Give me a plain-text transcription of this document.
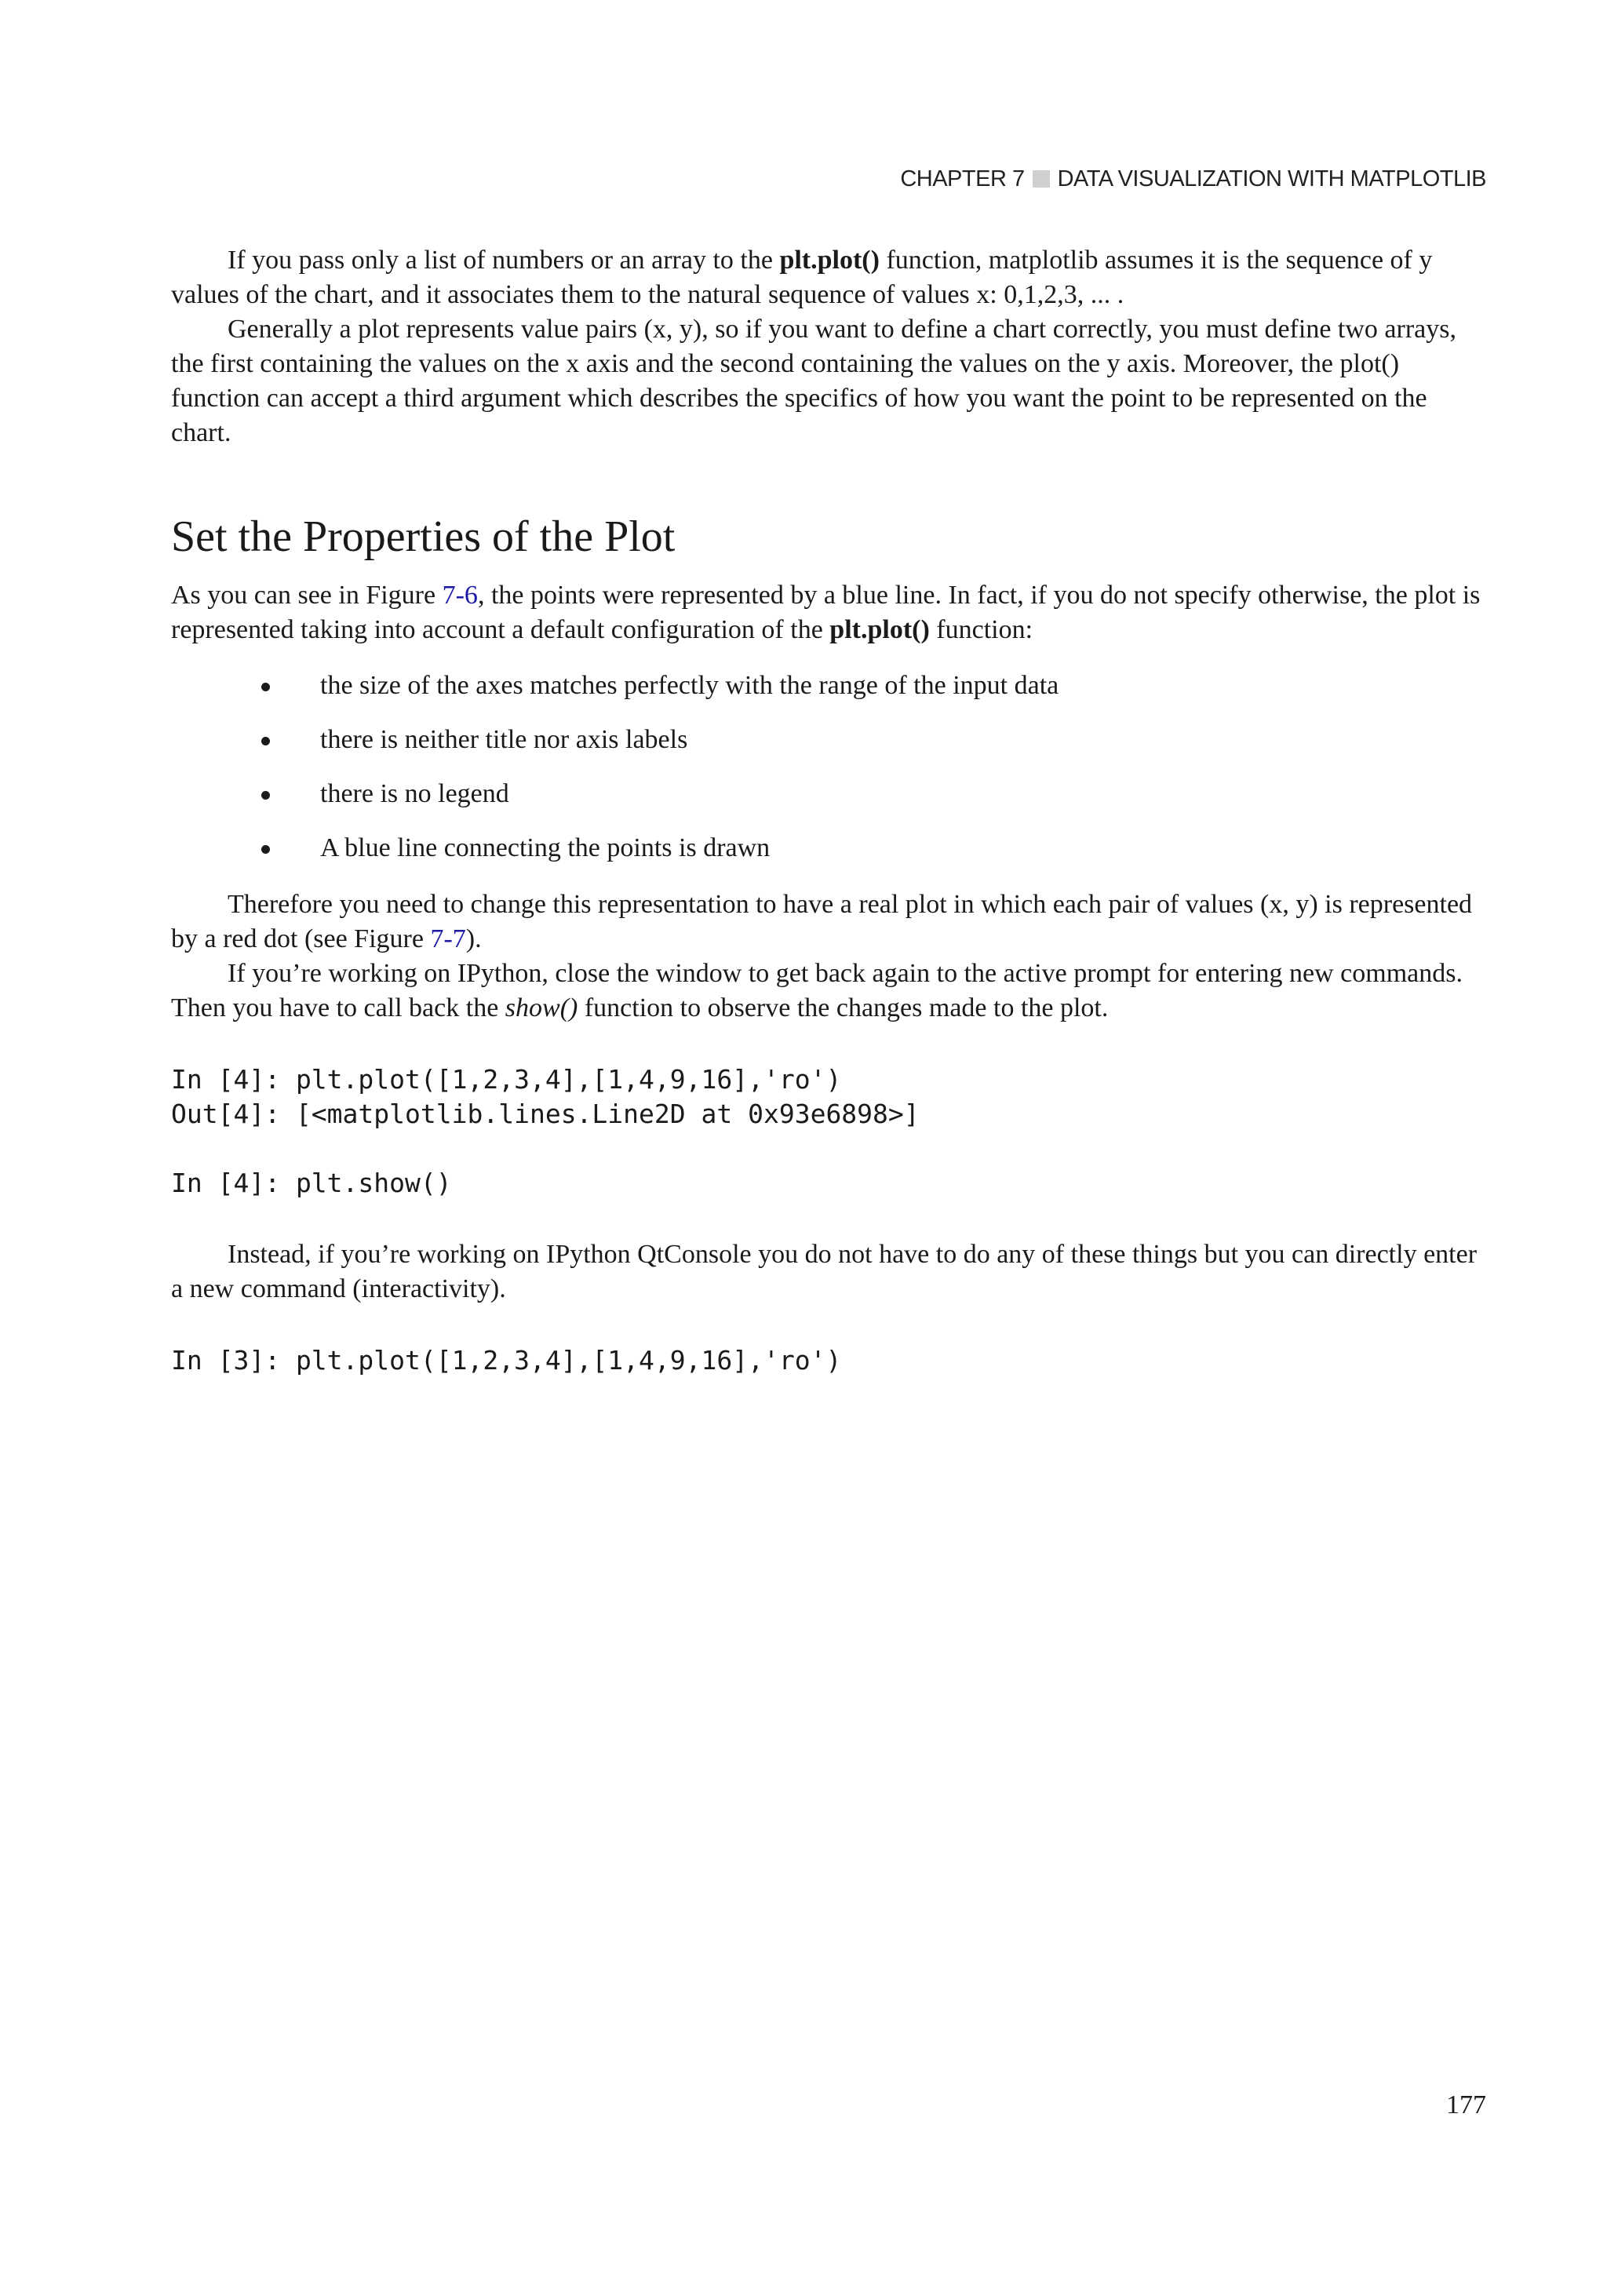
CHAPTER 7 DATA VISUALIZATION WITH MATPLOTLIB

If you pass only a list of numbers or an array to the plt.plot() function, matplotlib assumes it is the sequence of y values of the chart, and it associates them to the natural sequence of values x: 0,1,2,3, ... .

Generally a plot represents value pairs (x, y), so if you want to define a chart correctly, you must define two arrays, the first containing the values on the x axis and the second containing the values on the y axis. Moreover, the plot() function can accept a third argument which describes the specifics of how you want the point to be represented on the chart.

Set the Properties of the Plot

As you can see in Figure 7-6, the points were represented by a blue line. In fact, if you do not specify otherwise, the plot is represented taking into account a default configuration of the plt.plot() function:

the size of the axes matches perfectly with the range of the input data
there is neither title nor axis labels
there is no legend
A blue line connecting the points is drawn

Therefore you need to change this representation to have a real plot in which each pair of values (x, y) is represented by a red dot (see Figure 7-7).

If you’re working on IPython, close the window to get back again to the active prompt for entering new commands. Then you have to call back the show() function to observe the changes made to the plot.

In [4]: plt.plot([1,2,3,4],[1,4,9,16],'ro')
Out[4]: [<matplotlib.lines.Line2D at 0x93e6898>]
In [4]: plt.show()

Instead, if you’re working on IPython QtConsole you do not have to do any of these things but you can directly enter a new command (interactivity).

In [3]: plt.plot([1,2,3,4],[1,4,9,16],'ro')
177
